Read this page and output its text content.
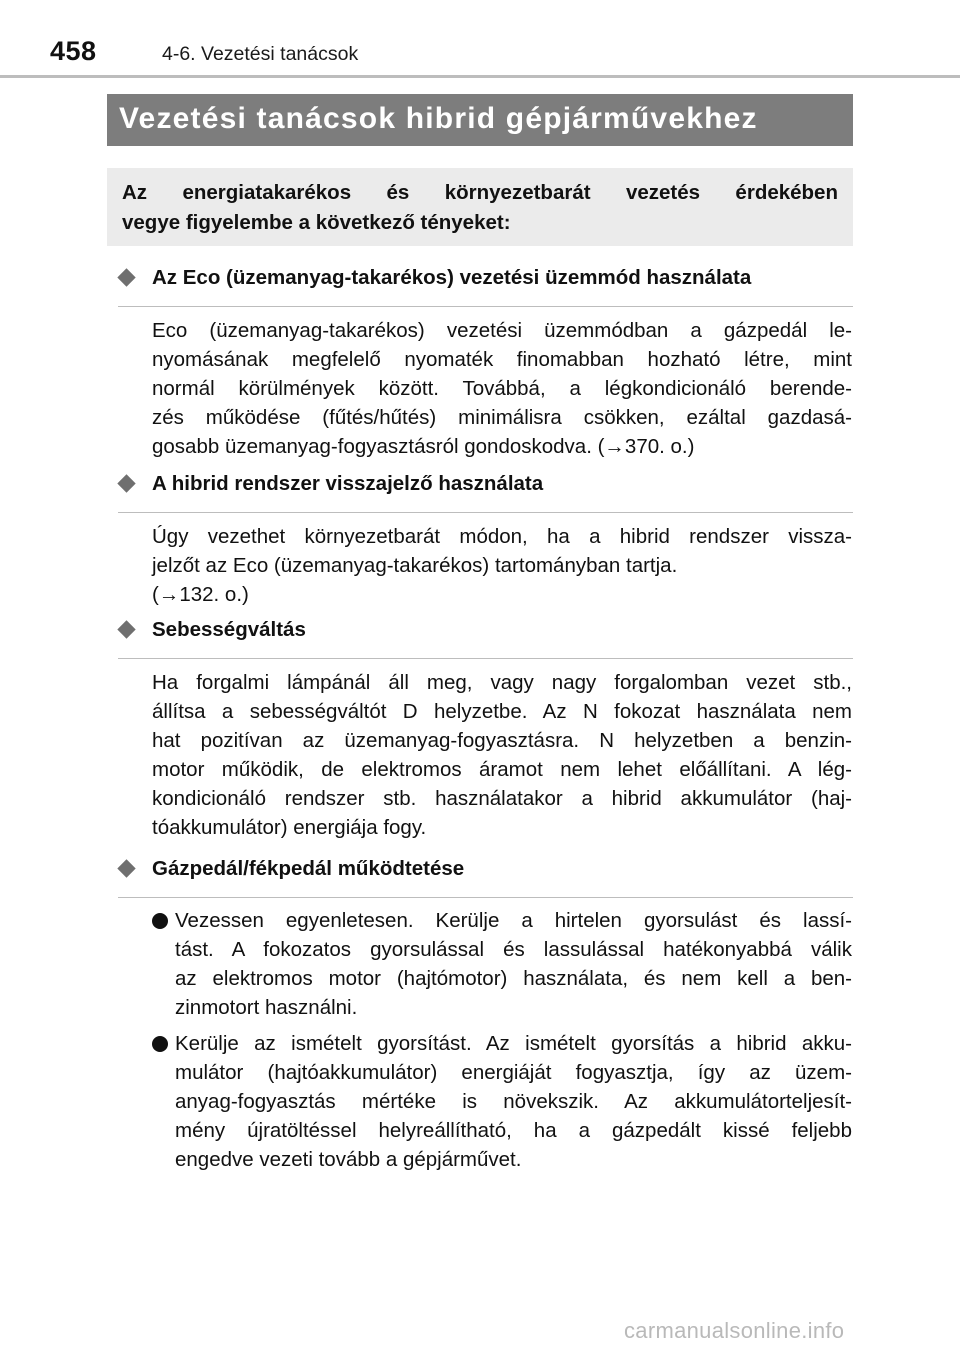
458	4-6. Vezetési tanácsok
Vezetési tanácsok hibrid gépjárművekhez
Az energiatakarékos és környezetbarát vezetés érdekében
vegye figyelembe a következő tényeket:
Az Eco (üzemanyag-takarékos) vezetési üzemmód használata
Eco (üzemanyag-takarékos) vezetési üzemmódban a gázpedál le-
nyomásának megfelelő nyomaték finomabban hozható létre, mint
normál körülmények között. Továbbá, a légkondicionáló berende-
zés működése (fűtés/hűtés) minimálisra csökken, ezáltal gazdasá-
gosabb üzemanyag-fogyasztásról gondoskodva. (→370. o.)
A hibrid rendszer visszajelző használata
Úgy vezethet környezetbarát módon, ha a hibrid rendszer vissza-
jelzőt az Eco (üzemanyag-takarékos) tartományban tartja.
(→132. o.)
Sebességváltás
Ha forgalmi lámpánál áll meg, vagy nagy forgalomban vezet stb.,
állítsa a sebességváltót D helyzetbe. Az N fokozat használata nem
hat pozitívan az üzemanyag-fogyasztásra. N helyzetben a benzin-
motor működik, de elektromos áramot nem lehet előállítani. A lég-
kondicionáló rendszer stb. használatakor a hibrid akkumulátor (haj-
tóakkumulátor) energiája fogy.
Gázpedál/fékpedál működtetése
Vezessen egyenletesen. Kerülje a hirtelen gyorsulást és lassí-
tást. A fokozatos gyorsulással és lassulással hatékonyabbá válik
az elektromos motor (hajtómotor) használata, és nem kell a ben-
zinmotort használni.
Kerülje az ismételt gyorsítást. Az ismételt gyorsítás a hibrid akku-
mulátor (hajtóakkumulátor) energiáját fogyasztja, így az üzem-
anyag-fogyasztás mértéke is növekszik. Az akkumulátorteljesít-
mény újratöltéssel helyreállítható, ha a gázpedált kissé feljebb
engedve vezeti tovább a gépjárművet.
carmanualsonline.info
